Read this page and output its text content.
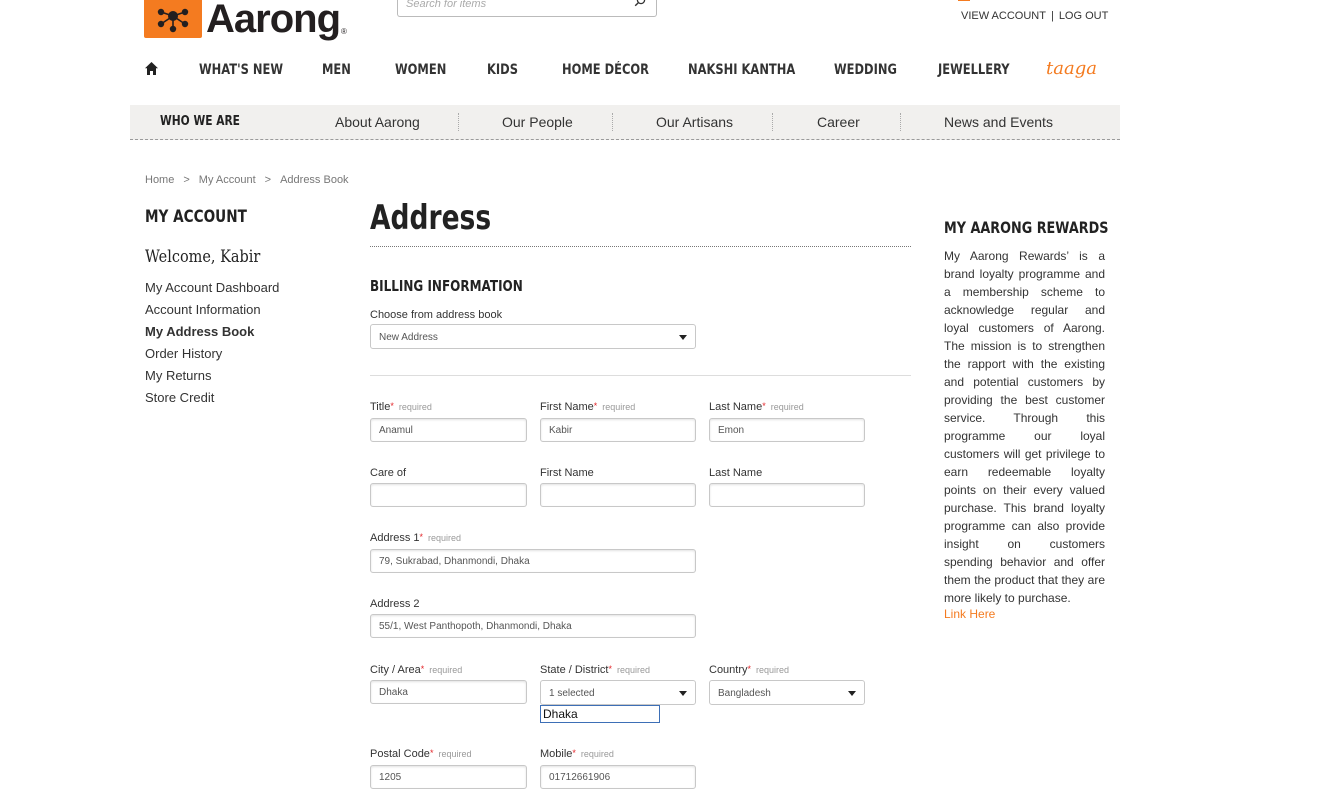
Aarong ®
Search for items
VIEW ACCOUNT | LOG OUT
WHAT'S NEW	MEN	WOMEN	KIDS	HOME DÉCOR	NAKSHI KANTHA	WEDDING	JEWELLERY taaga
WHO WE ARE	About Aarong	Our People	Our Artisans	Career	News and Events
Home > My Account > Address Book
MY ACCOUNT
Welcome, Kabir
My Account Dashboard
Account Information
My Address Book
Order History
My Returns
Store Credit
Address
BILLING INFORMATION
Choose from address book
New Address
Title* required
Anamul
First Name* required
Kabir
Last Name* required
Emon
Care of	First Name	Last Name
Address 1* required
79, Sukrabad, Dhanmondi, Dhaka
Address 2
55/1, West Panthopoth, Dhanmondi, Dhaka
City / Area* required
Dhaka
State / District* required
1 selected
Country* required
Bangladesh
Dhaka
Postal Code* required
1205
Mobile* required
01712661906
MY AARONG REWARDS
My Aarong Rewards’ is a brand loyalty programme and a membership scheme to acknowledge regular and loyal customers of Aarong. The mission is to strengthen the rapport with the existing and potential customers by providing the best customer service. Through this programme our loyal customers will get privilege to earn redeemable loyalty points on their every valued purchase. This brand loyalty programme can also provide insight on customers spending behavior and offer them the product that they are more likely to purchase.
Link Here
